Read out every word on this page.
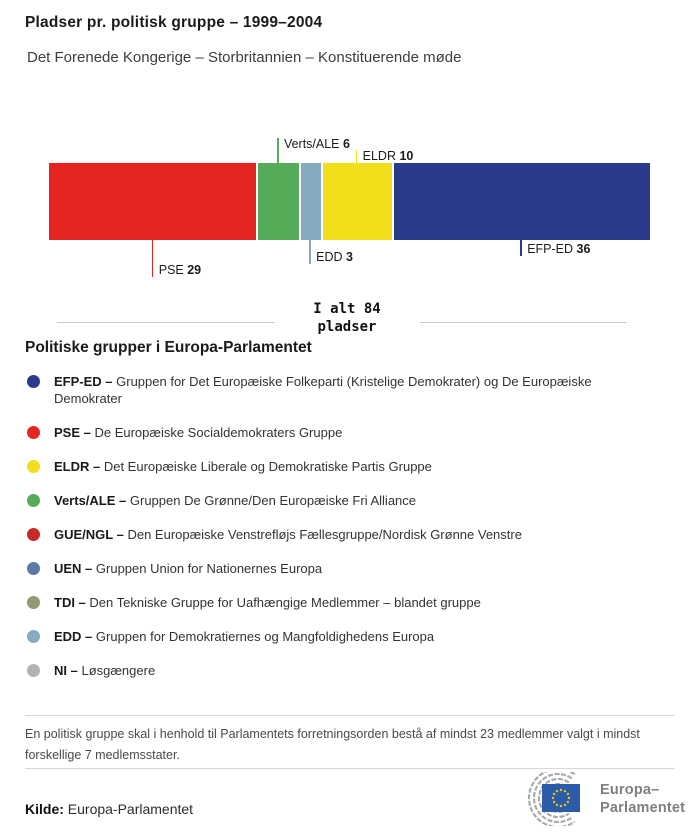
Pladser pr. politisk gruppe – 1999–2004
Det Forenede Kongerige – Storbritannien – Konstituerende møde
PSE 29
Verts/ALE 6
EDD 3
ELDR 10
EFP-ED 36
I alt 84
pladser
Politiske grupper i Europa-Parlamentet
EFP-ED – Gruppen for Det Europæiske Folkeparti (Kristelige Demokrater) og De Europæiske Demokrater
PSE – De Europæiske Socialdemokraters Gruppe
ELDR – Det Europæiske Liberale og Demokratiske Partis Gruppe
Verts/ALE – Gruppen De Grønne/Den Europæiske Fri Alliance
GUE/NGL – Den Europæiske Venstrefløjs Fællesgruppe/Nordisk Grønne Venstre
UEN – Gruppen Union for Nationernes Europa
TDI – Den Tekniske Gruppe for Uafhængige Medlemmer – blandet gruppe
EDD – Gruppen for Demokratiernes og Mangfoldighedens Europa
NI – Løsgængere
En politisk gruppe skal i henhold til Parlamentets forretningsorden bestå af mindst 23 medlemmer valgt i mindst forskellige 7 medlemsstater.
Kilde: Europa-Parlamentet
Europa–
Parlamentet
